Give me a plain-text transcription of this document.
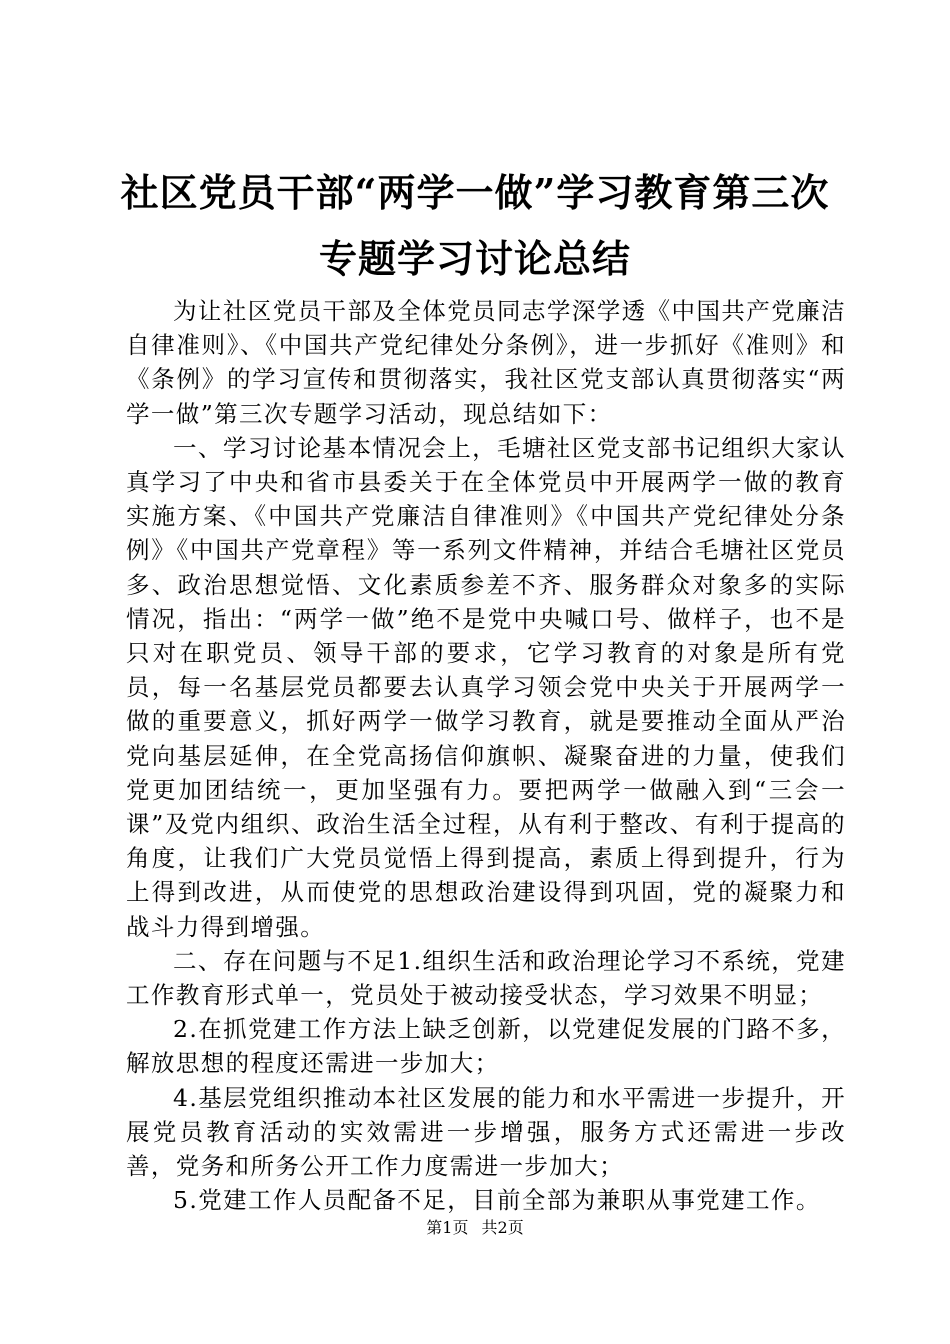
社区党员干部“两学一做”学习教育第三次专题学习讨论总结

为让社区党员干部及全体党员同志学深学透《中国共产党廉洁自律准则》、《中国共产党纪律处分条例》，进一步抓好《准则》和《条例》的学习宣传和贯彻落实，我社区党支部认真贯彻落实“两学一做”第三次专题学习活动，现总结如下：

一、学习讨论基本情况会上，毛塘社区党支部书记组织大家认真学习了中央和省市县委关于在全体党员中开展两学一做的教育实施方案、《中国共产党廉洁自律准则》《中国共产党纪律处分条例》《中国共产党章程》等一系列文件精神，并结合毛塘社区党员多、政治思想觉悟、文化素质参差不齐、服务群众对象多的实际情况，指出：“两学一做”绝不是党中央喊口号、做样子，也不是只对在职党员、领导干部的要求，它学习教育的对象是所有党员，每一名基层党员都要去认真学习领会党中央关于开展两学一做的重要意义，抓好两学一做学习教育，就是要推动全面从严治党向基层延伸，在全党高扬信仰旗帜、凝聚奋进的力量，使我们党更加团结统一，更加坚强有力。要把两学一做融入到“三会一课”及党内组织、政治生活全过程，从有利于整改、有利于提高的角度，让我们广大党员觉悟上得到提高，素质上得到提升，行为上得到改进，从而使党的思想政治建设得到巩固，党的凝聚力和战斗力得到增强。

二、存在问题与不足1.组织生活和政治理论学习不系统，党建工作教育形式单一，党员处于被动接受状态，学习效果不明显；

2.在抓党建工作方法上缺乏创新，以党建促发展的门路不多，解放思想的程度还需进一步加大；

4.基层党组织推动本社区发展的能力和水平需进一步提升，开展党员教育活动的实效需进一步增强，服务方式还需进一步改善，党务和所务公开工作力度需进一步加大；

5.党建工作人员配备不足，目前全部为兼职从事党建工作。

第1页 共2页
